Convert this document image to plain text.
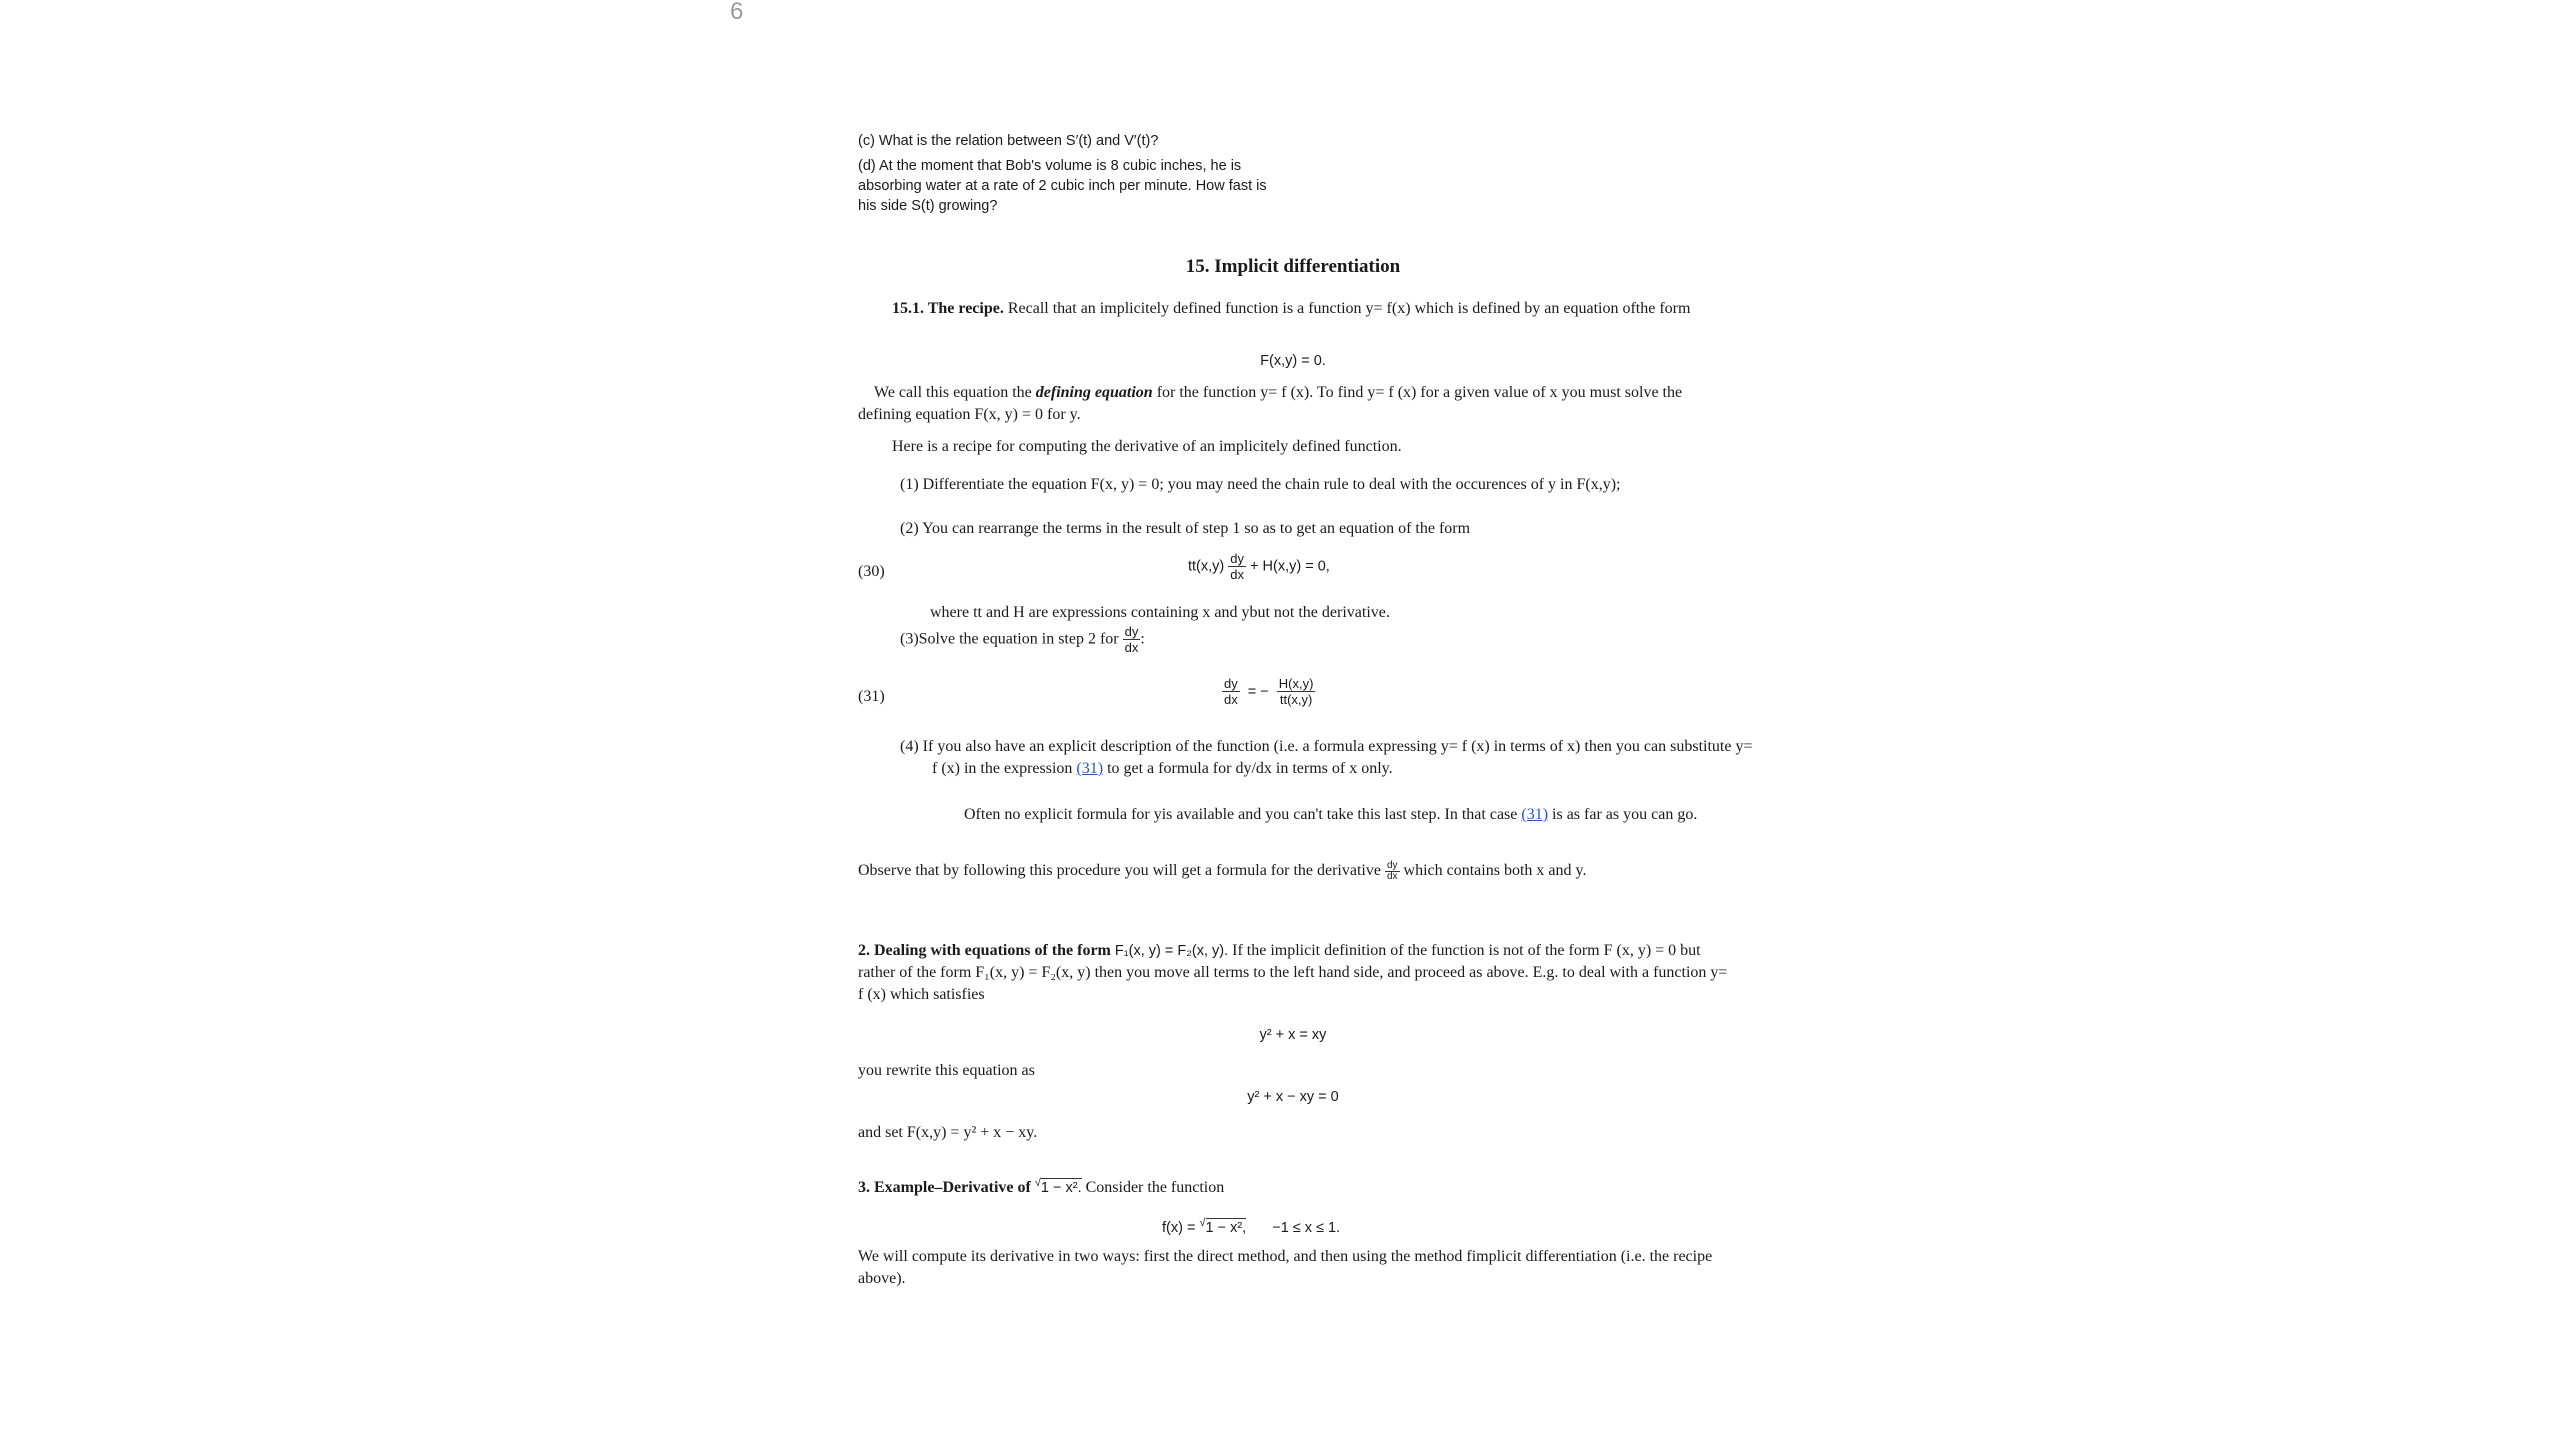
6
(c) What is the relation between S′(t) and V′(t)?
(d) At the moment that Bob's volume is 8 cubic inches, he is absorbing water at a rate of 2 cubic inch per minute. How fast is his side S(t) growing?
15. Implicit differentiation
15.1. The recipe. Recall that an implicitely defined function is a function y= f(x) which is defined by an equation ofthe form
F(x,y) = 0.
We call this equation the defining equation for the function y= f (x). To find y= f (x) for a given value of x you must solve the defining equation F(x, y) = 0 for y.
Here is a recipe for computing the derivative of an implicitely defined function.
(1) Differentiate the equation F(x, y) = 0; you may need the chain rule to deal with the occurences of y in F(x,y);
(2) You can rearrange the terms in the result of step 1 so as to get an equation of the form
(30)	$tt(x,y) \frac{dy}{dx} + H(x,y) = 0$,
where tt and H are expressions containing x and ybut not the derivative.
(3)Solve the equation in step 2 for $\frac{dy}{dx}$ :
(31)	$\frac{dy}{dx}$ = − $\frac{H(x,y)}{tt(x,y)}$
(4) If you also have an explicit description of the function (i.e. a formula expressing y= f (x) in terms of x) then you can substitute y= f (x) in the expression (31) to get a formula for dy/dx in terms of x only.
Often no explicit formula for yis available and you can't take this last step. In that case (31) is as far as you can go.
Observe that by following this procedure you will get a formula for the derivative $\frac{dy}{dx}$ which contains both x and y.
2. Dealing with equations of the form F₁(x, y) = F₂(x, y). If the implicit definition of the function is not of the form F (x, y) = 0 but rather of the form F₁(x, y) = F₂(x, y) then you move all terms to the left hand side, and proceed as above. E.g. to deal with a function y= f (x) which satisfies
y² + x = xy
you rewrite this equation as
y² + x − xy = 0
and set F(x,y) = y² + x − xy.
3. Example–Derivative of √1 − x². Consider the function
f(x) = √1 − x², −1 ≤ x ≤ 1.
We will compute its derivative in two ways: first the direct method, and then using the method fimplicit differentiation (i.e. the recipe above).
